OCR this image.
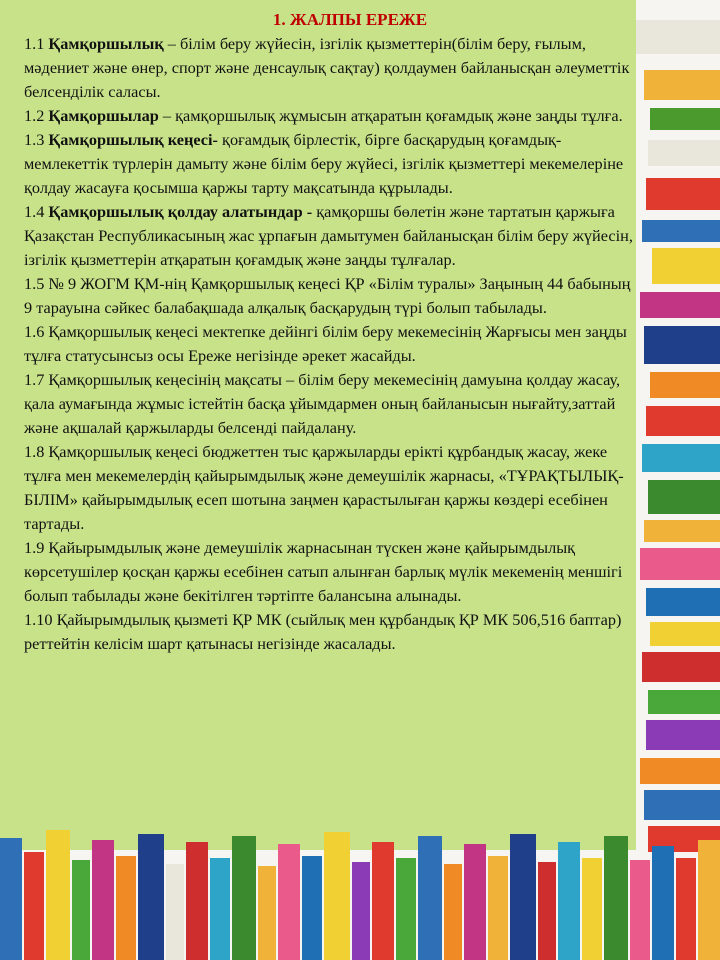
1. ЖАЛПЫ ЕРЕЖЕ

1.1 Қамқоршылық – білім беру жүйесін, ізгілік қызметтерін(білім беру, ғылым, мәдениет және өнер, спорт және денсаулық сақтау) қолдаумен байланысқан әлеуметтік белсенділік саласы.

1.2 Қамқоршылар – қамқоршылық жұмысын атқаратын қоғамдық және заңды тұлға.

1.3 Қамқоршылық кеңесі- қоғамдық бірлестік, бірге басқарудың қоғамдық-мемлекеттік түрлерін дамыту және білім беру жүйесі, ізгілік қызметтері мекемелеріне қолдау жасауға қосымша қаржы тарту мақсатында құрылады.

1.4 Қамқоршылық қолдау алатындар - қамқоршы бөлетін және тартатын қаржыға Қазақстан Республикасының жас ұрпағын дамытумен байланысқан білім беру жүйесін, ізгілік қызметтерін атқаратын қоғамдық және заңды тұлғалар.

1.5 № 9 ЖОГМ ҚМ-нің Қамқоршылық кеңесі ҚР «Білім туралы» Заңының 44 бабының 9 тарауына сәйкес балабақшада алқалық басқарудың түрі болып табылады.

1.6 Қамқоршылық кеңесі мектепке дейінгі білім беру мекемесінің Жарғысы мен заңды тұлға статусынсыз осы Ереже негізінде әрекет жасайды.

1.7 Қамқоршылық кеңесінің мақсаты – білім беру мекемесінің дамуына қолдау жасау, қала аумағында жұмыс істейтін басқа ұйымдармен оның байланысын нығайту,заттай және ақшалай қаржыларды белсенді пайдалану.

1.8 Қамқоршылық кеңесі бюджеттен тыс қаржыларды ерікті құрбандық жасау, жеке тұлға мен мекемелердің қайырымдылық және демеушілік жарнасы, «ТҰРАҚТЫЛЫҚ-БІЛІМ» қайырымдылық есеп шотына заңмен қарастылыған қаржы көздері есебінен тартады.

1.9 Қайырымдылық және демеушілік жарнасынан түскен және қайырымдылық көрсетушілер қосқан қаржы есебінен сатып алынған барлық мүлік мекеменің меншігі болып табылады және бекітілген тәртіпте балансына алынады.

1.10 Қайырымдылық қызметі ҚР МК (сыйлық мен құрбандық ҚР МК 506,516 баптар) реттейтін келісім шарт қатынасы негізінде жасалады.
